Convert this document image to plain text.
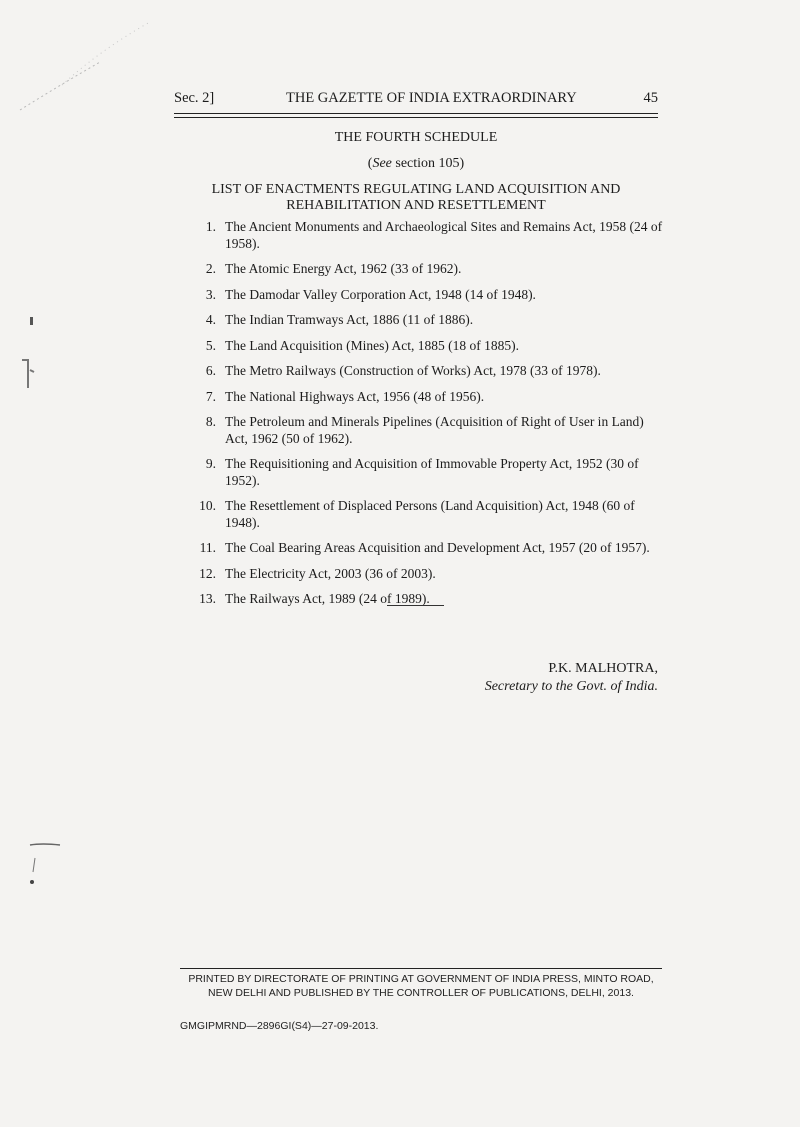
Sec. 2]	THE GAZETTE OF INDIA EXTRAORDINARY	45
THE FOURTH SCHEDULE
(See section 105)
LIST OF ENACTMENTS REGULATING LAND ACQUISITION AND
REHABILITATION AND RESETTLEMENT
1. The Ancient Monuments and Archaeological Sites and Remains Act, 1958 (24 of 1958).
2. The Atomic Energy Act, 1962 (33 of 1962).
3. The Damodar Valley Corporation Act, 1948 (14 of 1948).
4. The Indian Tramways Act, 1886 (11 of 1886).
5. The Land Acquisition (Mines) Act, 1885 (18 of 1885).
6. The Metro Railways (Construction of Works) Act, 1978 (33 of 1978).
7. The National Highways Act, 1956 (48 of 1956).
8. The Petroleum and Minerals Pipelines (Acquisition of Right of User in Land) Act, 1962 (50 of 1962).
9. The Requisitioning and Acquisition of Immovable Property Act, 1952 (30 of 1952).
10. The Resettlement of Displaced Persons (Land Acquisition) Act, 1948 (60 of 1948).
11. The Coal Bearing Areas Acquisition and Development Act, 1957 (20 of 1957).
12. The Electricity Act, 2003 (36 of 2003).
13. The Railways Act, 1989 (24 of 1989).
P.K. MALHOTRA,
Secretary to the Govt. of India.
PRINTED BY DIRECTORATE OF PRINTING AT GOVERNMENT OF INDIA PRESS, MINTO ROAD,
NEW DELHI AND PUBLISHED BY THE CONTROLLER OF PUBLICATIONS, DELHI, 2013.
GMGIPMRND—2896GI(S4)—27-09-2013.
